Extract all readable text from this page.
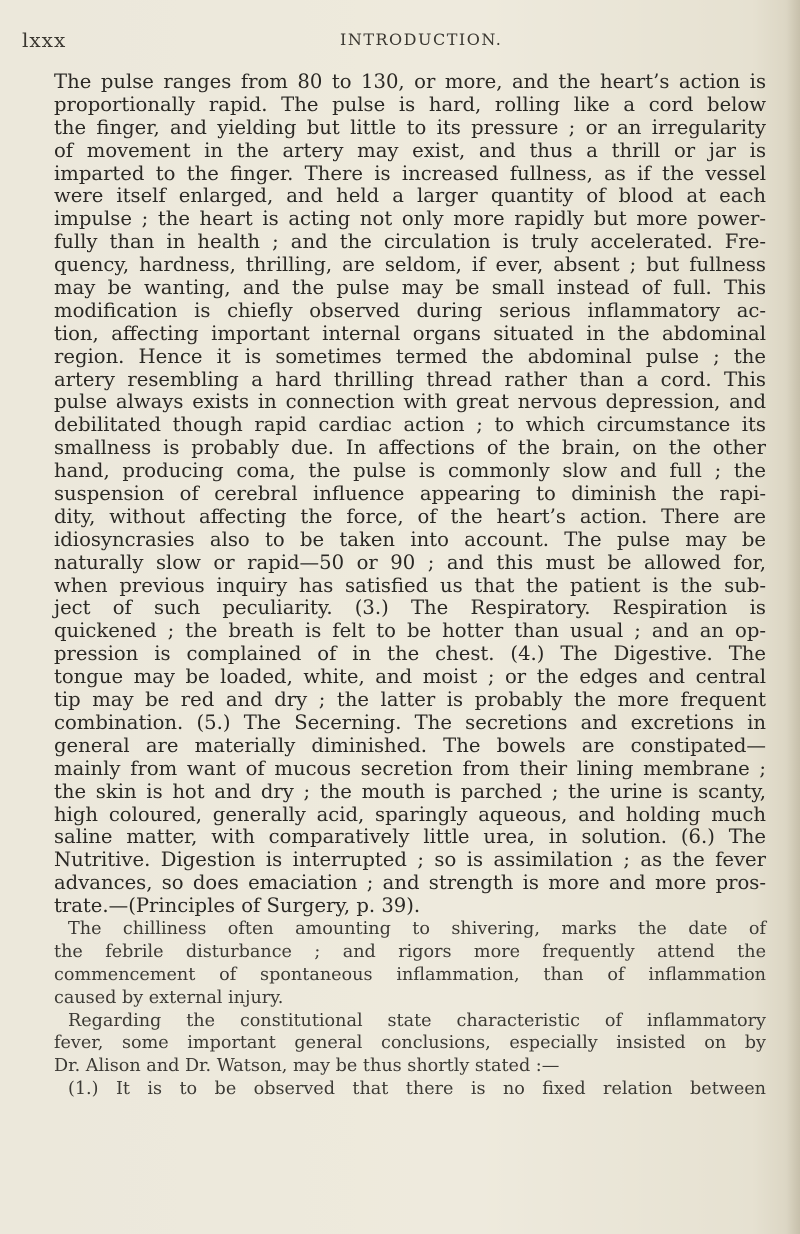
lxxx	INTRODUCTION.
The pulse ranges from 80 to 130, or more, and the heart’s action is
proportionally rapid. The pulse is hard, rolling like a cord below
the finger, and yielding but little to its pressure ; or an irregularity
of movement in the artery may exist, and thus a thrill or jar is
imparted to the finger. There is increased fullness, as if the vessel
were itself enlarged, and held a larger quantity of blood at each
impulse ; the heart is acting not only more rapidly but more power-
fully than in health ; and the circulation is truly accelerated. Fre-
quency, hardness, thrilling, are seldom, if ever, absent ; but fullness
may be wanting, and the pulse may be small instead of full. This
modification is chiefly observed during serious inflammatory ac-
tion, affecting important internal organs situated in the abdominal
region. Hence it is sometimes termed the abdominal pulse ; the
artery resembling a hard thrilling thread rather than a cord. This
pulse always exists in connection with great nervous depression, and
debilitated though rapid cardiac action ; to which circumstance its
smallness is probably due. In affections of the brain, on the other
hand, producing coma, the pulse is commonly slow and full ; the
suspension of cerebral influence appearing to diminish the rapi-
dity, without affecting the force, of the heart’s action. There are
idiosyncrasies also to be taken into account. The pulse may be
naturally slow or rapid—50 or 90 ; and this must be allowed for,
when previous inquiry has satisfied us that the patient is the sub-
ject of such peculiarity. (3.) The Respiratory. Respiration is
quickened ; the breath is felt to be hotter than usual ; and an op-
pression is complained of in the chest. (4.) The Digestive. The
tongue may be loaded, white, and moist ; or the edges and central
tip may be red and dry ; the latter is probably the more frequent
combination. (5.) The Secerning. The secretions and excretions in
general are materially diminished. The bowels are constipated—
mainly from want of mucous secretion from their lining membrane ;
the skin is hot and dry ; the mouth is parched ; the urine is scanty,
high coloured, generally acid, sparingly aqueous, and holding much
saline matter, with comparatively little urea, in solution. (6.) The
Nutritive. Digestion is interrupted ; so is assimilation ; as the fever
advances, so does emaciation ; and strength is more and more pros-
trate.—(Principles of Surgery, p. 39).
The chilliness often amounting to shivering, marks the date of
the febrile disturbance ; and rigors more frequently attend the
commencement of spontaneous inflammation, than of inflammation
caused by external injury.
Regarding the constitutional state characteristic of inflammatory
fever, some important general conclusions, especially insisted on by
Dr. Alison and Dr. Watson, may be thus shortly stated :—
(1.) It is to be observed that there is no fixed relation between
